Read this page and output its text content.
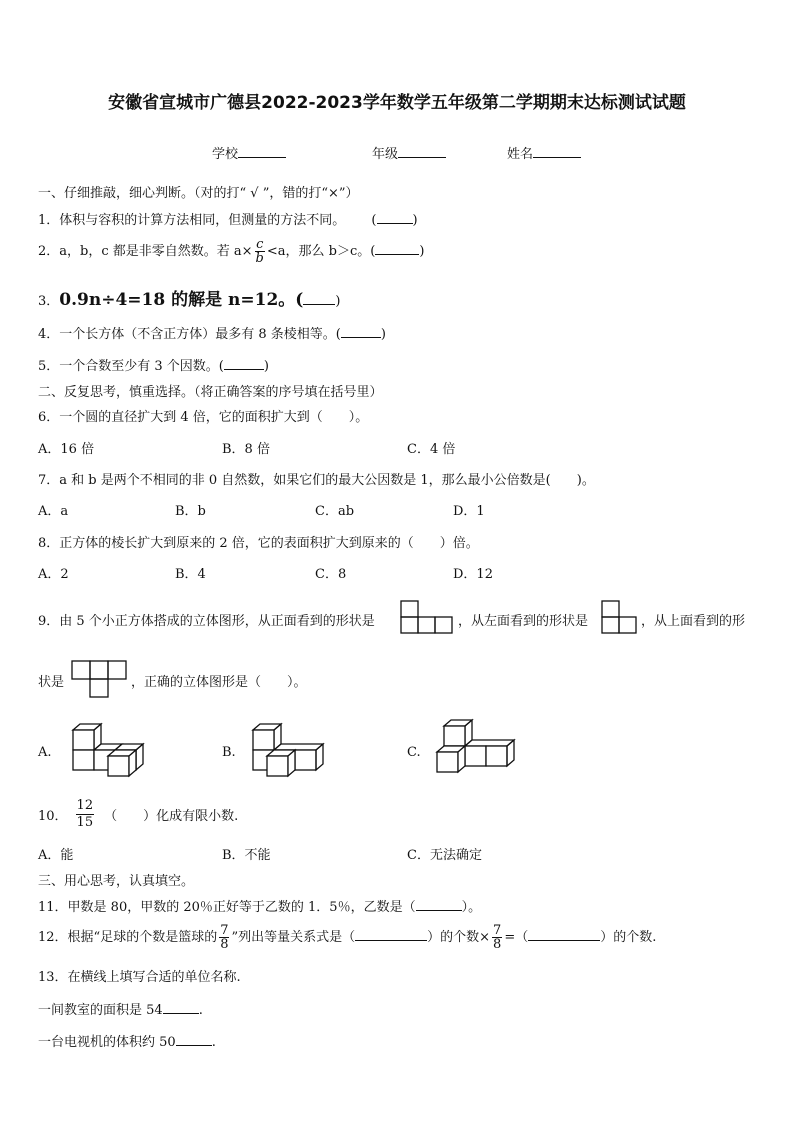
安徽省宣城市广德县2022-2023学年数学五年级第二学期期末达标测试试题
学校	年级	姓名
一、仔细推敲，细心判断。（对的打“ √ ”，错的打“×”）
1．体积与容积的计算方法相同，但测量的方法不同。 (	)
2．a，b，c 都是非零自然数。若 $a\times \frac{c}{b} <a$，那么 b＞c。(	)
3．0.9n÷4=18 的解是 n=12。( )
4．一个长方体（不含正方体）最多有 8 条棱相等。(	)
5．一个合数至少有 3 个因数。(	)
二、反复思考，慎重选择。（将正确答案的序号填在括号里）
6．一个圆的直径扩大到 4 倍，它的面积扩大到（　　）。
A．16 倍	B．8 倍	C．4 倍
7．a 和 b 是两个不相同的非 0 自然数，如果它们的最大公因数是 1，那么最小公倍数是(　　)。
A．a	B．b	C．ab	D．1
8．正方体的棱长扩大到原来的 2 倍，它的表面积扩大到原来的（　　）倍。
A．2	B．4	C．8	D．12
9．由 5 个小正方体搭成的立体图形，从正面看到的形状是	，从左面看到的形状是	，从上面看到的形
状是	，正确的立体图形是（　　）。
A.	B.	C.
10． $\frac{12}{15}$ （　　）化成有限小数.
A．能	B．不能	C．无法确定
三、用心思考，认真填空。
11．甲数是 80，甲数的 20％正好等于乙数的 1．5％，乙数是（	）。
12．根据“足球的个数是篮球的 $\frac{7}{8}$ ”列出等量关系式是（	）的个数× $\frac{7}{8}$ =（	）的个数.
13．在横线上填写合适的单位名称.
一间教室的面积是 54	.
一台电视机的体积约 50	.
